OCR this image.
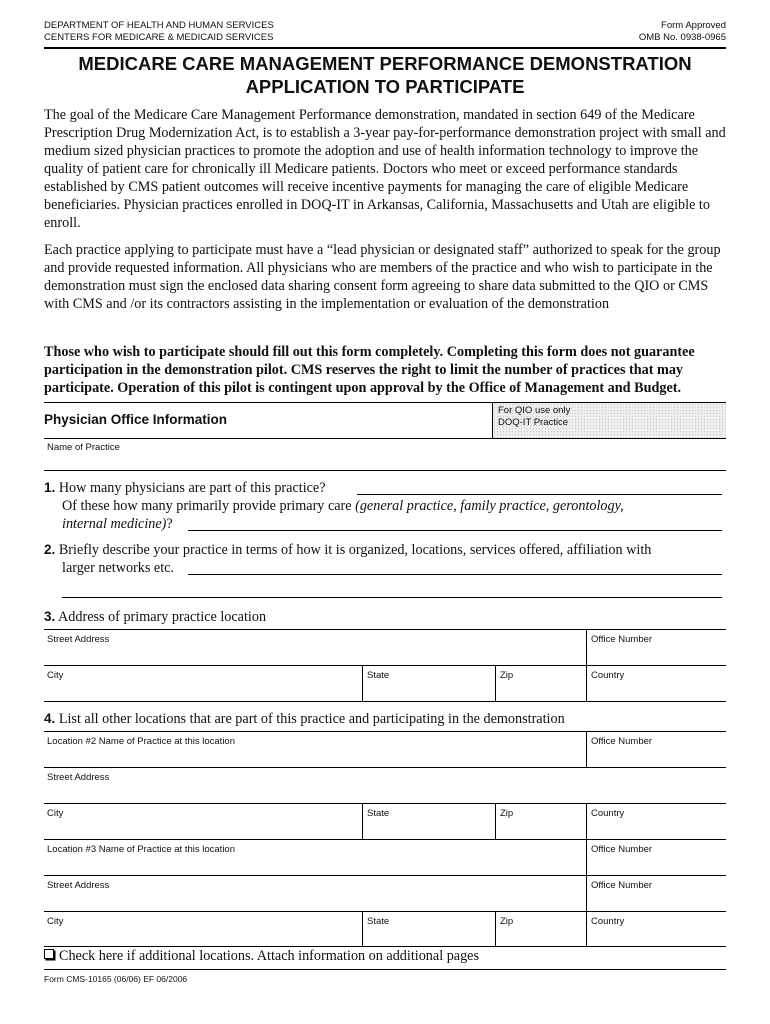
DEPARTMENT OF HEALTH AND HUMAN SERVICES
CENTERS FOR MEDICARE & MEDICAID SERVICES
Form Approved
OMB No. 0938-0965
MEDICARE CARE MANAGEMENT PERFORMANCE DEMONSTRATION
APPLICATION TO PARTICIPATE

The goal of the Medicare Care Management Performance demonstration, mandated in section 649 of the Medicare Prescription Drug Modernization Act, is to establish a 3-year pay-for-performance demonstration project with small and medium sized physician practices to promote the adoption and use of health information technology to improve the quality of patient care for chronically ill Medicare patients. Doctors who meet or exceed performance standards established by CMS patient outcomes will receive incentive payments for managing the care of eligible Medicare beneficiaries. Physician practices enrolled in DOQ-IT in Arkansas, California, Massachusetts and Utah are eligible to enroll.

Each practice applying to participate must have a “lead physician or designated staff” authorized to speak for the group and provide requested information. All physicians who are members of the practice and who wish to participate in the demonstration must sign the enclosed data sharing consent form agreeing to share data submitted to the QIO or CMS with CMS and /or its contractors assisting in the implementation or evaluation of the demonstration

Those who wish to participate should fill out this form completely. Completing this form does not guarantee participation in the demonstration pilot. CMS reserves the right to limit the number of practices that may participate. Operation of this pilot is contingent upon approval by the Office of Management and Budget.

Physician Office Information
For QIO use only
DOQ-IT Practice
Name of Practice
1. How many physicians are part of this practice?
Of these how many primarily provide primary care (general practice, family practice, gerontology,
internal medicine)?
2. Briefly describe your practice in terms of how it is organized, locations, services offered, affiliation with
larger networks etc.
3. Address of primary practice location
Street Address	Office Number
City	State	Zip	Country
4. List all other locations that are part of this practice and participating in the demonstration
Location #2 Name of Practice at this location	Office Number
Street Address
City	State	Zip	Country
Location #3 Name of Practice at this location	Office Number
Street Address	Office Number
City	State	Zip	Country
Check here if additional locations. Attach information on additional pages
Form CMS-10165 (06/06) EF 06/2006
